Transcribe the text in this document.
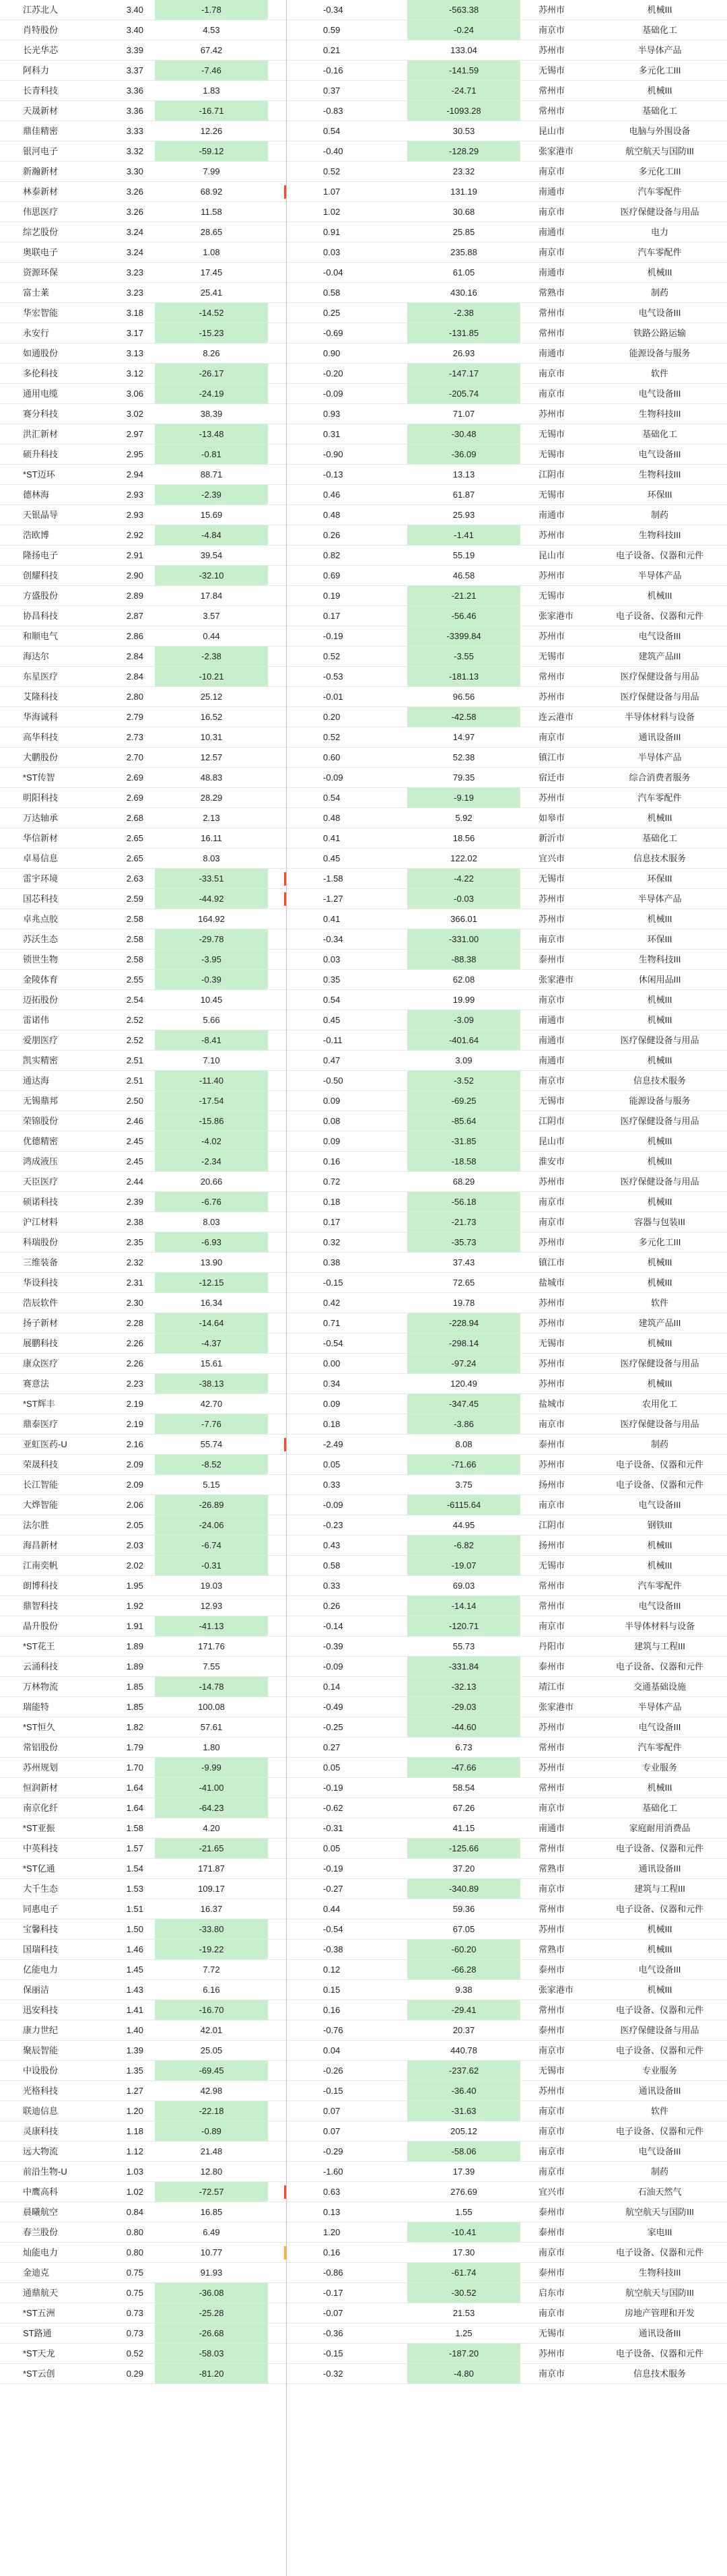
江苏北人	3.40	-1.78	-0.34	-563.38	苏州市	机械III
肖特股份	3.40	4.53	0.59	-0.24	南京市	基础化工
长光华芯	3.39	67.42	0.21	133.04	苏州市	半导体产品
阿科力	3.37	-7.46	-0.16	-141.59	无锡市	多元化工III
长青科技	3.36	1.83	0.37	-24.71	常州市	机械III
天晟新材	3.36	-16.71	-0.83	-1093.28	常州市	基础化工
鼎佳精密	3.33	12.26	0.54	30.53	昆山市	电脑与外围设备
银河电子	3.32	-59.12	-0.40	-128.29	张家港市	航空航天与国防III
新瀚新材	3.30	7.99	0.52	23.32	南京市	多元化工III
林泰新材	3.26	68.92	1.07	131.19	南通市	汽车零配件
伟思医疗	3.26	11.58	1.02	30.68	南京市	医疗保健设备与用品
综艺股份	3.24	28.65	0.91	25.85	南通市	电力
奥联电子	3.24	1.08	0.03	235.88	南京市	汽车零配件
资源环保	3.23	17.45	-0.04	61.05	南通市	机械III
富士莱	3.23	25.41	0.58	430.16	常熟市	制药
华宏智能	3.18	-14.52	0.25	-2.38	常州市	电气设备III
永安行	3.17	-15.23	-0.69	-131.85	常州市	铁路公路运输
如通股份	3.13	8.26	0.90	26.93	南通市	能源设备与服务
多伦科技	3.12	-26.17	-0.20	-147.17	南京市	软件
通用电缆	3.06	-24.19	-0.09	-205.74	南京市	电气设备III
赛分科技	3.02	38.39	0.93	71.07	苏州市	生物科技III
洪汇新材	2.97	-13.48	0.31	-30.48	无锡市	基础化工
硕升科技	2.95	-0.81	-0.90	-36.09	无锡市	电气设备III
*ST迈环	2.94	88.71	-0.13	13.13	江阴市	生物科技III
德林海	2.93	-2.39	0.46	61.87	无锡市	环保III
天银晶导	2.93	15.69	0.48	25.93	南通市	制药
浩欧博	2.92	-4.84	0.26	-1.41	苏州市	生物科技III
隆扬电子	2.91	39.54	0.82	55.19	昆山市	电子设备、仪器和元件
创耀科技	2.90	-32.10	0.69	46.58	苏州市	半导体产品
方盛股份	2.89	17.84	0.19	-21.21	无锡市	机械III
协昌科技	2.87	3.57	0.17	-56.46	张家港市	电子设备、仪器和元件
和顺电气	2.86	0.44	-0.19	-3399.84	苏州市	电气设备III
海达尔	2.84	-2.38	0.52	-3.55	无锡市	建筑产品III
东星医疗	2.84	-10.21	-0.53	-181.13	常州市	医疗保健设备与用品
艾隆科技	2.80	25.12	-0.01	96.56	苏州市	医疗保健设备与用品
华海诚科	2.79	16.52	0.20	-42.58	连云港市	半导体材料与设备
高华科技	2.73	10.31	0.52	14.97	南京市	通讯设备III
大鹏股份	2.70	12.57	0.60	52.38	镇江市	半导体产品
*ST传智	2.69	48.83	-0.09	79.35	宿迁市	综合消费者服务
明阳科技	2.69	28.29	0.54	-9.19	苏州市	汽车零配件
万达轴承	2.68	2.13	0.48	5.92	如皋市	机械III
华信新材	2.65	16.11	0.41	18.56	新沂市	基础化工
卓易信息	2.65	8.03	0.45	122.02	宜兴市	信息技术服务
雷宇环境	2.63	-33.51	-1.58	-4.22	无锡市	环保III
国芯科技	2.59	-44.92	-1.27	-0.03	苏州市	半导体产品
卓兆点胶	2.58	164.92	0.41	366.01	苏州市	机械III
苏沃生态	2.58	-29.78	-0.34	-331.00	南京市	环保III
锁世生物	2.58	-3.95	0.03	-88.38	泰州市	生物科技III
金陵体育	2.55	-0.39	0.35	62.08	张家港市	休闲用品III
迈拓股份	2.54	10.45	0.54	19.99	南京市	机械III
雷诺伟	2.52	5.66	0.45	-3.09	南通市	机械III
爱朋医疗	2.52	-8.41	-0.11	-401.64	南通市	医疗保健设备与用品
凯实精密	2.51	7.10	0.47	3.09	南通市	机械III
通达海	2.51	-11.40	-0.50	-3.52	南京市	信息技术服务
无锡鼎邦	2.50	-17.54	0.09	-69.25	无锡市	能源设备与服务
荣锦股份	2.46	-15.86	0.08	-85.64	江阴市	医疗保健设备与用品
优德精密	2.45	-4.02	0.09	-31.85	昆山市	机械III
鸿成液压	2.45	-2.34	0.16	-18.58	淮安市	机械III
天臣医疗	2.44	20.66	0.72	68.29	苏州市	医疗保健设备与用品
硕诺科技	2.39	-6.76	0.18	-56.18	南京市	机械III
沪江材料	2.38	8.03	0.17	-21.73	南京市	容器与包装III
科瑞股份	2.35	-6.93	0.32	-35.73	苏州市	多元化工III
三维装备	2.32	13.90	0.38	37.43	镇江市	机械III
华设科技	2.31	-12.15	-0.15	72.65	盐城市	机械III
浩辰软件	2.30	16.34	0.42	19.78	苏州市	软件
扬子新材	2.28	-14.64	0.71	-228.94	苏州市	建筑产品III
展鹏科技	2.26	-4.37	-0.54	-298.14	无锡市	机械III
康众医疗	2.26	15.61	0.00	-97.24	苏州市	医疗保健设备与用品
赛意法	2.23	-38.13	0.34	120.49	苏州市	机械III
*ST辉丰	2.19	42.70	0.09	-347.45	盐城市	农用化工
鼎泰医疗	2.19	-7.76	0.18	-3.86	南京市	医疗保健设备与用品
亚虹医药-U	2.16	55.74	-2.49	8.08	泰州市	制药
荣晟科技	2.09	-8.52	0.05	-71.66	苏州市	电子设备、仪器和元件
长江智能	2.09	5.15	0.33	3.75	扬州市	电子设备、仪器和元件
大烨智能	2.06	-26.89	-0.09	-6115.64	南京市	电气设备III
法尔胜	2.05	-24.06	-0.23	44.95	江阴市	钢铁III
海昌新材	2.03	-6.74	0.43	-6.82	扬州市	机械III
江南奕帆	2.02	-0.31	0.58	-19.07	无锡市	机械III
朗博科技	1.95	19.03	0.33	69.03	常州市	汽车零配件
鼎智科技	1.92	12.93	0.26	-14.14	常州市	电气设备III
晶升股份	1.91	-41.13	-0.14	-120.71	南京市	半导体材料与设备
*ST花王	1.89	171.76	-0.39	55.73	丹阳市	建筑与工程III
云涌科技	1.89	7.55	-0.09	-331.84	泰州市	电子设备、仪器和元件
万林物流	1.85	-14.78	0.14	-32.13	靖江市	交通基础设施
瑞能特	1.85	100.08	-0.49	-29.03	张家港市	半导体产品
*ST恒久	1.82	57.61	-0.25	-44.60	苏州市	电气设备III
常铝股份	1.79	1.80	0.27	6.73	常州市	汽车零配件
苏州规划	1.70	-9.99	0.05	-47.66	苏州市	专业服务
恒润新材	1.64	-41.00	-0.19	58.54	常州市	机械III
南京化纤	1.64	-64.23	-0.62	67.26	南京市	基础化工
*ST亚振	1.58	4.20	-0.31	41.15	南通市	家庭耐用消费品
中英科技	1.57	-21.65	0.05	-125.66	常州市	电子设备、仪器和元件
*ST亿通	1.54	171.87	-0.19	37.20	常熟市	通讯设备III
大千生态	1.53	109.17	-0.27	-340.89	南京市	建筑与工程III
同惠电子	1.51	16.37	0.44	59.36	常州市	电子设备、仪器和元件
宝馨科技	1.50	-33.80	-0.54	67.05	苏州市	机械III
国瑞科技	1.46	-19.22	-0.38	-60.20	常熟市	机械III
亿能电力	1.45	7.72	0.12	-66.28	泰州市	电气设备III
保丽洁	1.43	6.16	0.15	9.38	张家港市	机械III
迅安科技	1.41	-16.70	0.16	-29.41	常州市	电子设备、仪器和元件
康力世纪	1.40	42.01	-0.76	20.37	泰州市	医疗保健设备与用品
聚辰智能	1.39	25.05	0.04	440.78	南京市	电子设备、仪器和元件
中设股份	1.35	-69.45	-0.26	-237.62	无锡市	专业服务
光格科技	1.27	42.98	-0.15	-36.40	苏州市	通讯设备III
联迪信息	1.20	-22.18	0.07	-31.63	南京市	软件
灵康科技	1.18	-0.89	0.07	205.12	南京市	电子设备、仪器和元件
远大物流	1.12	21.48	-0.29	-58.06	南京市	电气设备III
前沿生物-U	1.03	12.80	-1.60	17.39	南京市	制药
中鹰高科	1.02	-72.57	0.63	276.69	宜兴市	石油天然气
晨曦航空	0.84	16.85	0.13	1.55	泰州市	航空航天与国防III
春兰股份	0.80	6.49	1.20	-10.41	泰州市	家电III
灿能电力	0.80	10.77	0.16	17.30	南京市	电子设备、仪器和元件
金迪克	0.75	91.93	-0.86	-61.74	泰州市	生物科技III
通鼎航天	0.75	-36.08	-0.17	-30.52	启东市	航空航天与国防III
*ST五洲	0.73	-25.28	-0.07	21.53	南京市	房地产管理和开发
ST路通	0.73	-26.68	-0.36	1.25	无锡市	通讯设备III
*ST天龙	0.52	-58.03	-0.15	-187.20	苏州市	电子设备、仪器和元件
*ST云创	0.29	-81.20	-0.32	-4.80	南京市	信息技术服务
